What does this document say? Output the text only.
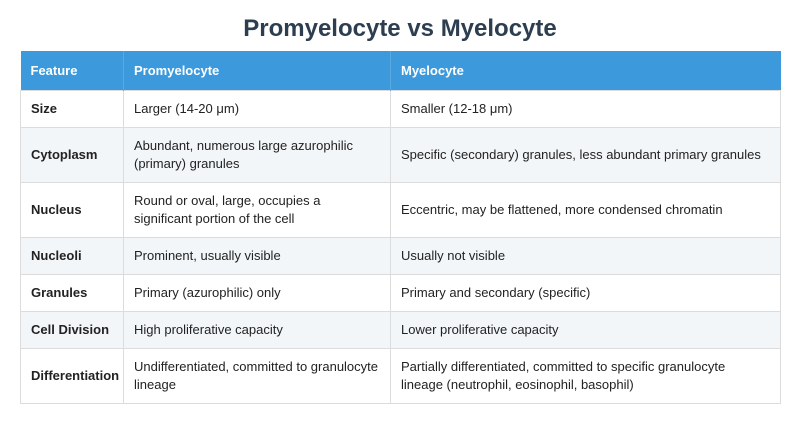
Promyelocyte vs Myelocyte
Feature	Promyelocyte	Myelocyte
Size	Larger (14-20 μm)	Smaller (12-18 μm)
Cytoplasm	Abundant, numerous large azurophilic (primary) granules	Specific (secondary) granules, less abundant primary granules
Nucleus	Round or oval, large, occupies a significant portion of the cell	Eccentric, may be flattened, more condensed chromatin
Nucleoli	Prominent, usually visible	Usually not visible
Granules	Primary (azurophilic) only	Primary and secondary (specific)
Cell Division	High proliferative capacity	Lower proliferative capacity
Differentiation	Undifferentiated, committed to granulocyte lineage	Partially differentiated, committed to specific granulocyte lineage (neutrophil, eosinophil, basophil)
